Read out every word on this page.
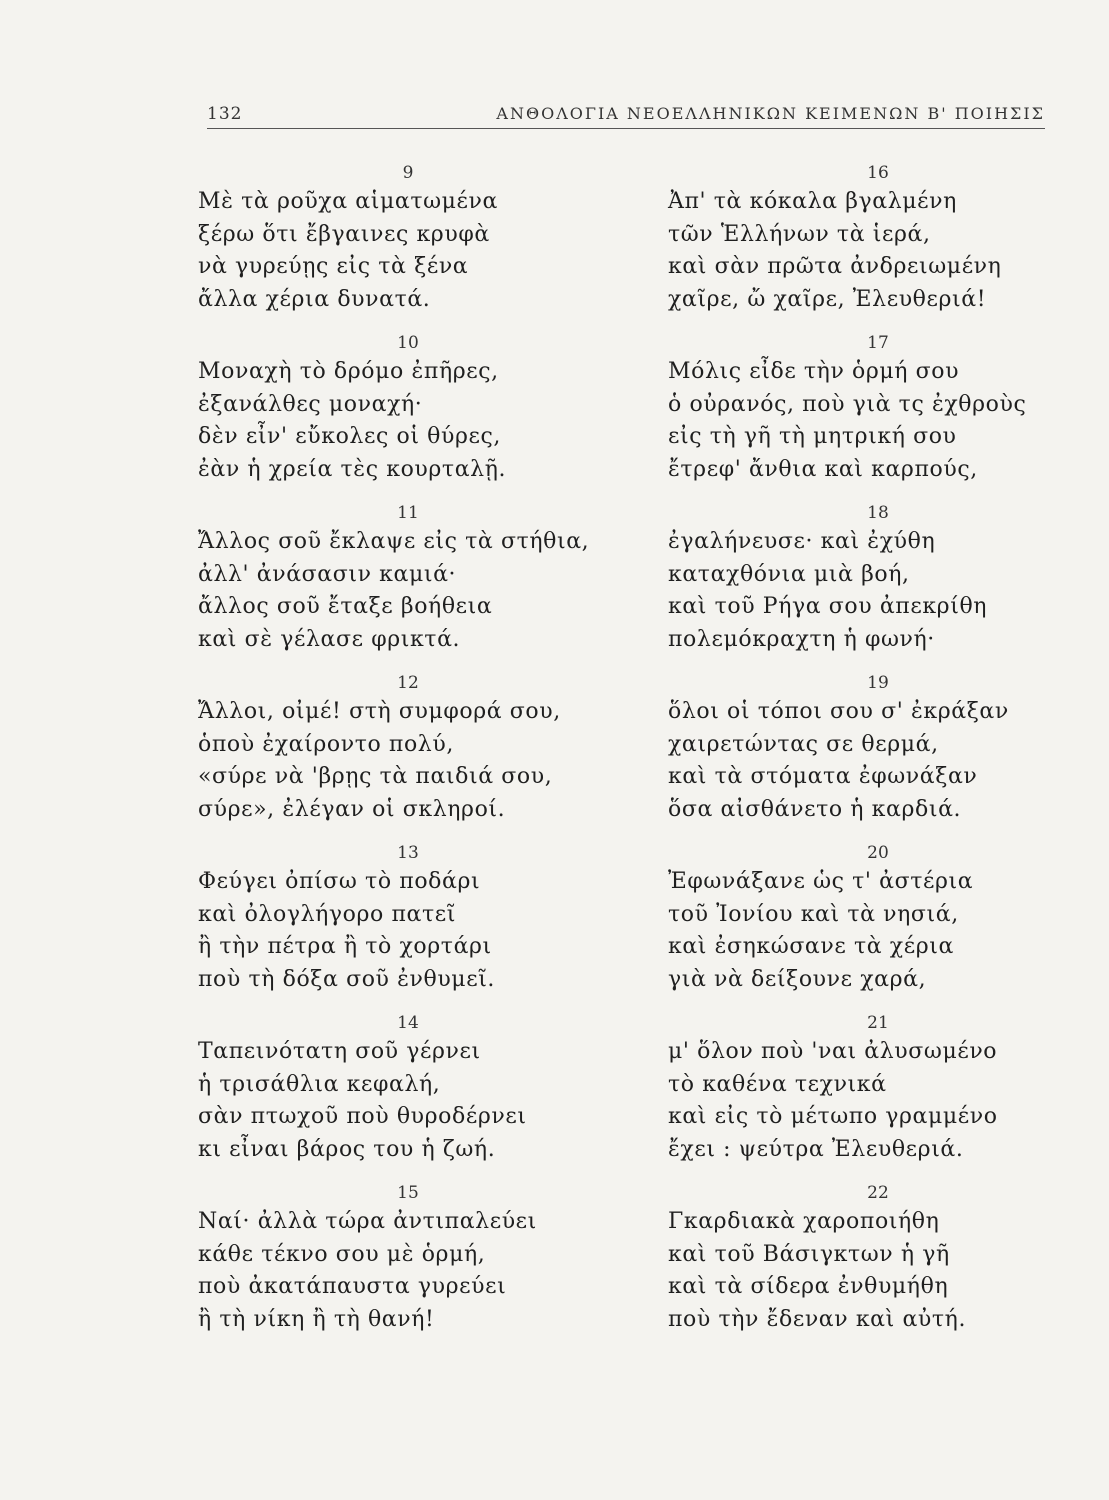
132	ΑΝΘΟΛΟΓΙΑ ΝΕΟΕΛΛΗΝΙΚΩΝ ΚΕΙΜΕΝΩΝ Β' ΠΟΙΗΣΙΣ
9
Μὲ τὰ ροῦχα αἱματωμένα
ξέρω ὅτι ἔβγαινες κρυφὰ
νὰ γυρεύῃς εἰς τὰ ξένα
ἄλλα χέρια δυνατά.
10
Μοναχὴ τὸ δρόμο ἐπῆρες,
ἐξανάλθες μοναχή·
δὲν εἶν' εὔκολες οἱ θύρες,
ἐὰν ἡ χρεία τὲς κουρταλῇ.
11
Ἄλλος σοῦ ἔκλαψε εἰς τὰ στήθια,
ἀλλ' ἀνάσασιν καμιά·
ἄλλος σοῦ ἔταξε βοήθεια
καὶ σὲ γέλασε φρικτά.
12
Ἄλλοι, οἰμέ! στὴ συμφορά σου,
ὁποὺ ἐχαίροντο πολύ,
«σύρε νὰ 'βρῃς τὰ παιδιά σου,
σύρε», ἐλέγαν οἱ σκληροί.
13
Φεύγει ὀπίσω τὸ ποδάρι
καὶ ὀλογλήγορο πατεῖ
ἢ τὴν πέτρα ἢ τὸ χορτάρι
ποὺ τὴ δόξα σοῦ ἐνθυμεῖ.
14
Ταπεινότατη σοῦ γέρνει
ἡ τρισάθλια κεφαλή,
σὰν πτωχοῦ ποὺ θυροδέρνει
κι εἶναι βάρος του ἡ ζωή.
15
Ναί· ἀλλὰ τώρα ἀντιπαλεύει
κάθε τέκνο σου μὲ ὁρμή,
ποὺ ἀκατάπαυστα γυρεύει
ἢ τὴ νίκη ἢ τὴ θανή!
16
Ἀπ' τὰ κόκαλα βγαλμένη
τῶν Ἑλλήνων τὰ ἱερά,
καὶ σὰν πρῶτα ἀνδρειωμένη
χαῖρε, ὤ χαῖρε, Ἐλευθεριά!
17
Μόλις εἶδε τὴν ὁρμή σου
ὁ οὐρανός, ποὺ γιὰ τς ἐχθροὺς
εἰς τὴ γῆ τὴ μητρική σου
ἔτρεφ' ἄνθια καὶ καρπούς,
18
ἐγαλήνευσε· καὶ ἐχύθη
καταχθόνια μιὰ βοή,
καὶ τοῦ Ρήγα σου ἀπεκρίθη
πολεμόκραχτη ἡ φωνή·
19
ὅλοι οἱ τόποι σου σ' ἐκράξαν
χαιρετώντας σε θερμά,
καὶ τὰ στόματα ἐφωνάξαν
ὅσα αἰσθάνετο ἡ καρδιά.
20
Ἐφωνάξανε ὡς τ' ἀστέρια
τοῦ Ἰονίου καὶ τὰ νησιά,
καὶ ἐσηκώσανε τὰ χέρια
γιὰ νὰ δείξουνε χαρά,
21
μ' ὅλον ποὺ 'ναι ἀλυσωμένο
τὸ καθένα τεχνικά
καὶ εἰς τὸ μέτωπο γραμμένο
ἔχει : ψεύτρα Ἐλευθεριά.
22
Γκαρδιακὰ χαροποιήθη
καὶ τοῦ Βάσιγκτων ἡ γῆ
καὶ τὰ σίδερα ἐνθυμήθη
ποὺ τὴν ἔδεναν καὶ αὐτή.
